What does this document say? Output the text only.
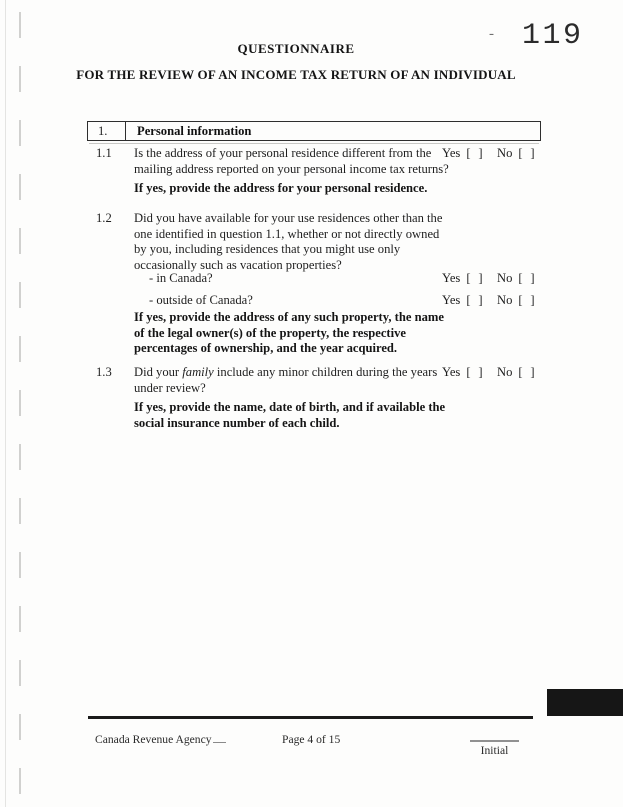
- 119
QUESTIONNAIRE
FOR THE REVIEW OF AN INCOME TAX RETURN OF AN INDIVIDUAL
1.	Personal information
1.1 Is the address of your personal residence different from the
mailing address reported on your personal income tax returns?
Yes [  ] No [  ]
If yes, provide the address for your personal residence.
1.2 Did you have available for your use residences other than the
one identified in question 1.1, whether or not directly owned
by you, including residences that you might use only
occasionally such as vacation properties?
- in Canada?	Yes [  ] No [  ]
- outside of Canada?	Yes [  ] No [  ]
If yes, provide the address of any such property, the name
of the legal owner(s) of the property, the respective
percentages of ownership, and the year acquired.
1.3 Did your family include any minor children during the years
under review?
Yes [  ] No [  ]
If yes, provide the name, date of birth, and if available the
social insurance number of each child.
Canada Revenue Agency	Page 4 of 15
Initial
